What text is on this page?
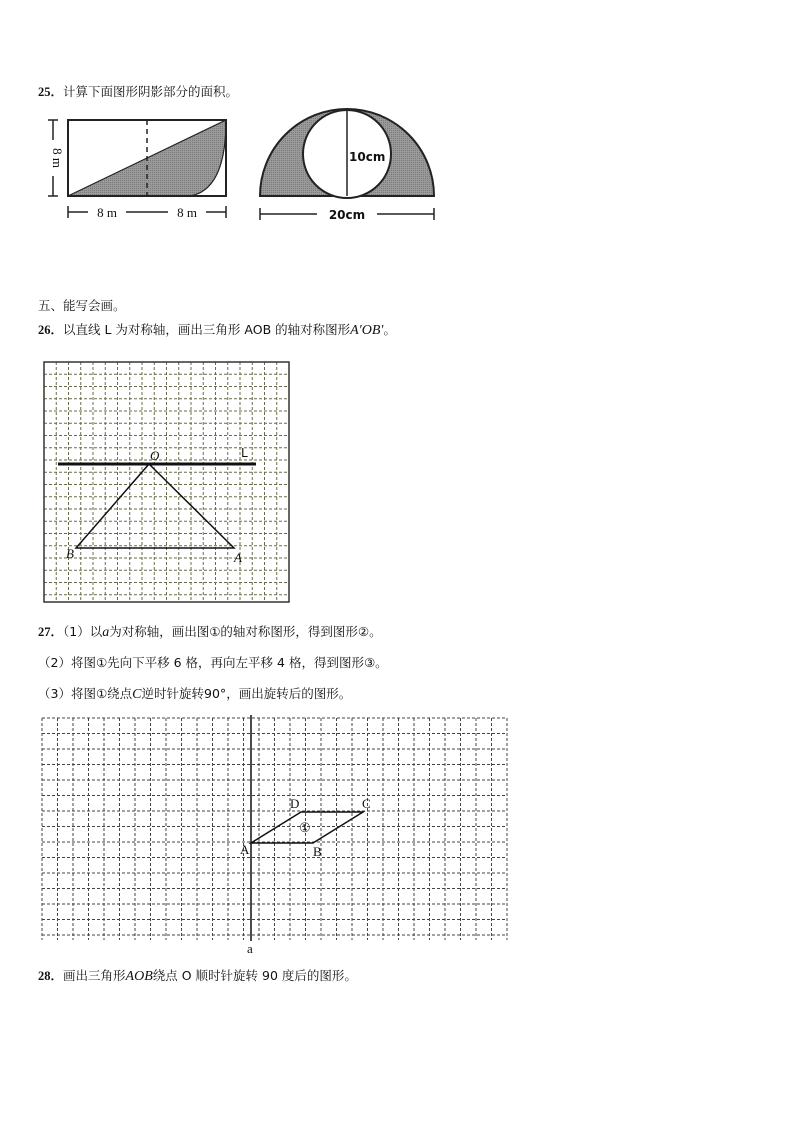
25．计算下面图形阴影部分的面积。
8 m
8 m	8 m
10cm
20cm
五、能写会画。
26．以直线 L 为对称轴，画出三角形 AOB 的轴对称图形A′OB′。
L
O
A
B
27．（1）以a为对称轴，画出图①的轴对称图形，得到图形②。
（2）将图①先向下平移 6 格，再向左平移 4 格，得到图形③。
（3）将图①绕点C逆时针旋转90°，画出旋转后的图形。
a
A	B
C
D
①
28．画出三角形AOB绕点 O 顺时针旋转 90 度后的图形。
